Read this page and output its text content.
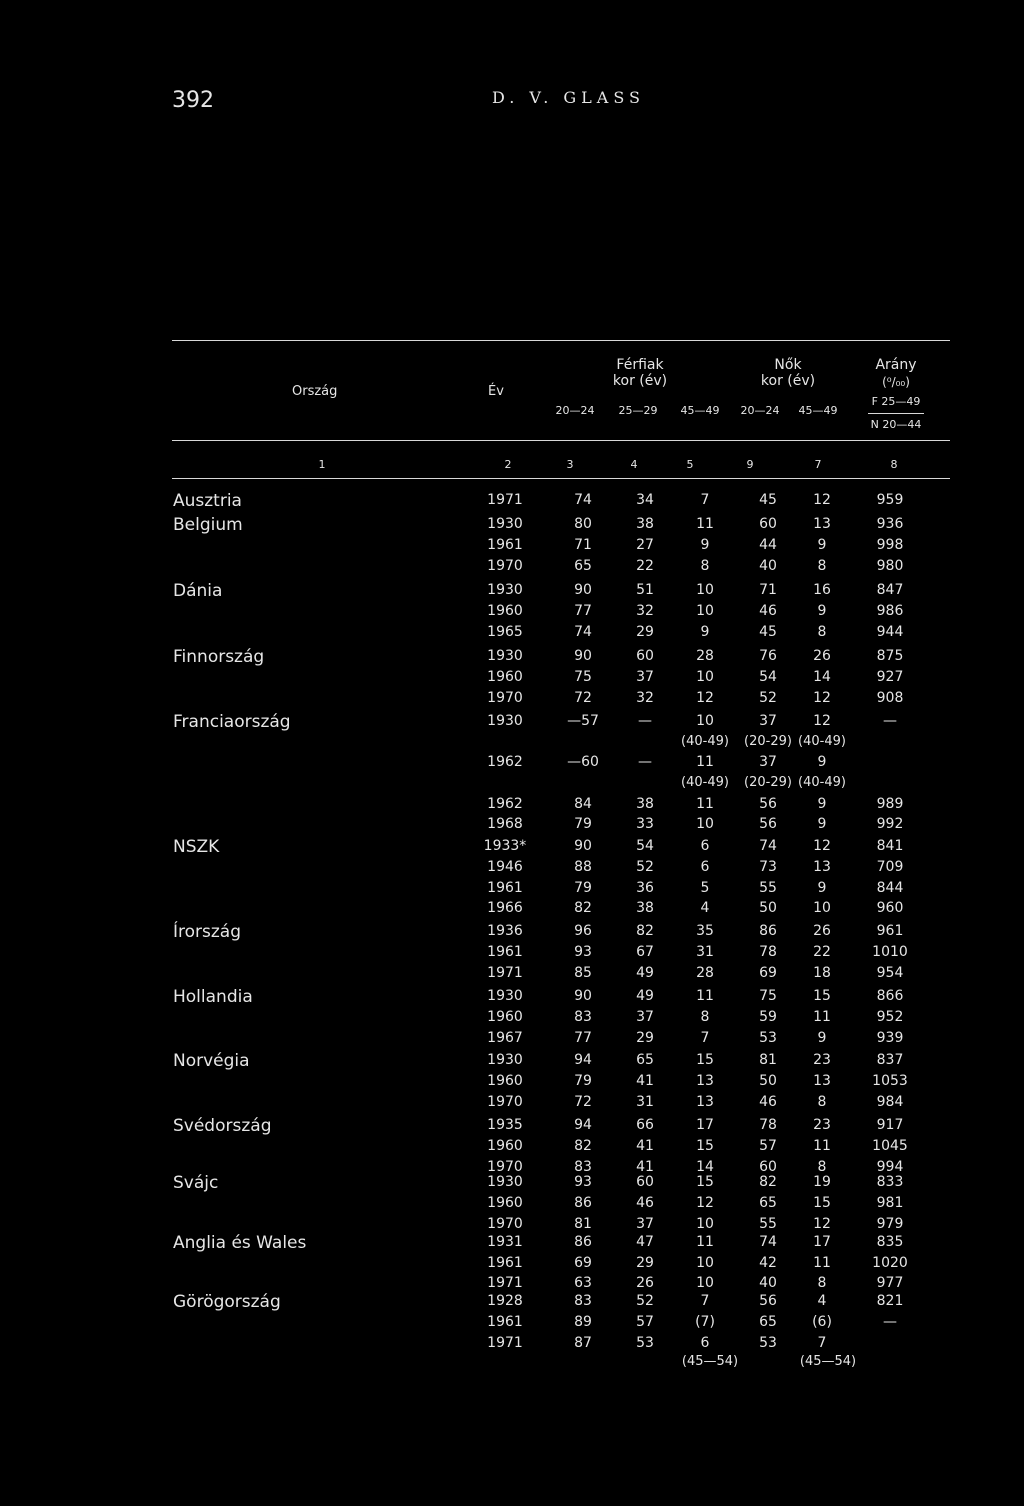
392	D. V. GLASS
Ország	Év
Férfiak
kor (év)
Nők
kor (év)
Arány
(⁰/₀₀)
F 25—49
N 20—44
20—24 25—29 45—49 20—24 45—49
1	2	3	4	5	9	7	8
Ausztria	1971	74	34	7	45	12	959
Belgium	1930	80	38	11	60	13	936
1961	71	27	9	44	9	998
1970	65	22	8	40	8	980
Dánia	1930	90	51	10	71	16	847
1960	77	32	10	46	9	986
1965	74	29	9	45	8	944
Finnország	1930	90	60	28	76	26	875
1960	75	37	10	54	14	927
1970	72	32	12	52	12	908
Franciaország	1930	—57	—	10	37	12	—
(40-49) (20-29) (40-49)
1962	—60	—	11	37	9
(40-49) (20-29) (40-49)
1962	84	38	11	56	9	989
1968	79	33	10	56	9	992
NSZK	1933*	90	54	6	74	12	841
1946	88	52	6	73	13	709
1961	79	36	5	55	9	844
1966	82	38	4	50	10	960
Írország	1936	96	82	35	86	26	961
1961	93	67	31	78	22	1010
1971	85	49	28	69	18	954
Hollandia	1930	90	49	11	75	15	866
1960	83	37	8	59	11	952
1967	77	29	7	53	9	939
Norvégia	1930	94	65	15	81	23	837
1960	79	41	13	50	13	1053
1970	72	31	13	46	8	984
Svédország	1935	94	66	17	78	23	917
1960	82	41	15	57	11	1045
1970	83	41	14	60	8	994
Svájc	1930	93	60	15	82	19	833
1960	86	46	12	65	15	981
1970	81	37	10	55	12	979
Anglia és Wales	1931	86	47	11	74	17	835
1961	69	29	10	42	11	1020
1971	63	26	10	40	8	977
Görögország	1928	83	52	7	56	4	821
1961	89	57	(7)	65	(6)	—
1971	87	53	6	53	7
(45—54)	(45—54)
